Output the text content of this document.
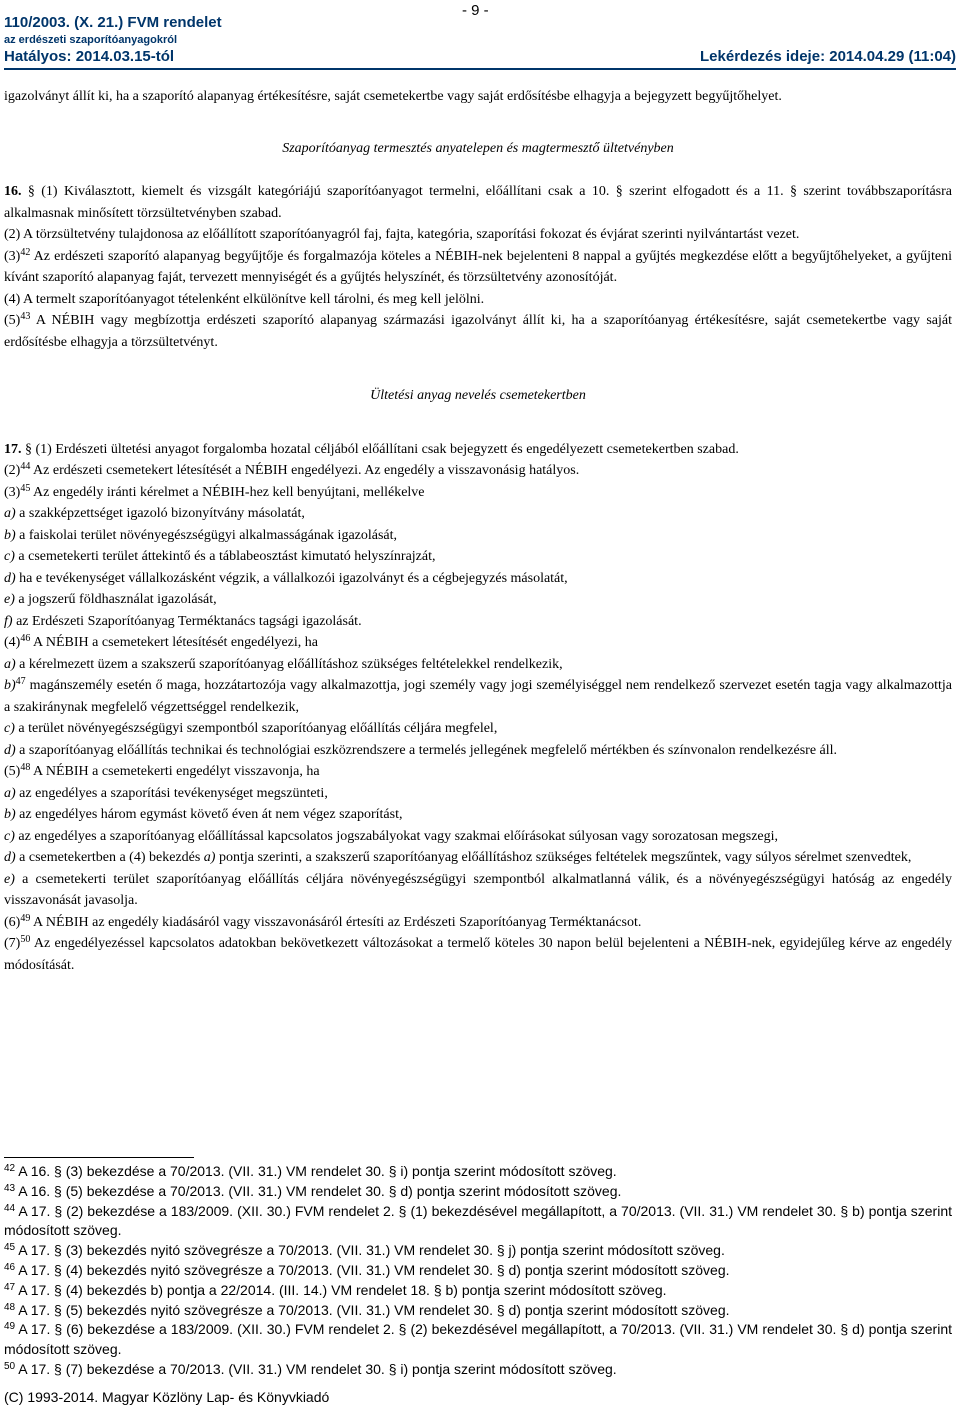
110/2003. (X. 21.) FVM rendelet
az erdészeti szaporítóanyagokról
Hatályos: 2014.03.15-tól
- 9 -
Lekérdezés ideje: 2014.04.29 (11:04)

igazolványt állít ki, ha a szaporító alapanyag értékesítésre, saját csemetekertbe vagy saját erdősítésbe elhagyja a bejegyzett begyűjtőhelyet.

Szaporítóanyag termesztés anyatelepen és magtermesztő ültetvényben

16. § (1) Kiválasztott, kiemelt és vizsgált kategóriájú szaporítóanyagot termelni, előállítani csak a 10. § szerint elfogadott és a 11. § szerint továbbszaporításra alkalmasnak minősített törzsültetvényben szabad.

(2) A törzsültetvény tulajdonosa az előállított szaporítóanyagról faj, fajta, kategória, szaporítási fokozat és évjárat szerinti nyilvántartást vezet.

$(3)^{42}$ Az erdészeti szaporító alapanyag begyűjtője és forgalmazója köteles a NÉBIH-nek bejelenteni 8 nappal a gyűjtés megkezdése előtt a begyűjtőhelyeket, a gyűjteni kívánt szaporító alapanyag faját, tervezett mennyiségét és a gyűjtés helyszínét, és törzsültetvény azonosítóját.

(4) A termelt szaporítóanyagot tételenként elkülönítve kell tárolni, és meg kell jelölni.

$(5)^{43}$ A NÉBIH vagy megbízottja erdészeti szaporító alapanyag származási igazolványt állít ki, ha a szaporítóanyag értékesítésre, saját csemetekertbe vagy saját erdősítésbe elhagyja a törzsültetvényt.

Ültetési anyag nevelés csemetekertben

17. § (1) Erdészeti ültetési anyagot forgalomba hozatal céljából előállítani csak bejegyzett és engedélyezett csemetekertben szabad.

$(2)^{44}$ Az erdészeti csemetekert létesítését a NÉBIH engedélyezi. Az engedély a visszavonásig hatályos.

$(3)^{45}$ Az engedély iránti kérelmet a NÉBIH-hez kell benyújtani, mellékelve

a) a szakképzettséget igazoló bizonyítvány másolatát,

b) a faiskolai terület növényegészségügyi alkalmasságának igazolását,

c) a csemetekerti terület áttekintő és a táblabeosztást kimutató helyszínrajzát,

d) ha e tevékenységet vállalkozásként végzik, a vállalkozói igazolványt és a cégbejegyzés másolatát,

e) a jogszerű földhasználat igazolását,

f) az Erdészeti Szaporítóanyag Terméktanács tagsági igazolását.

$(4)^{46}$ A NÉBIH a csemetekert létesítését engedélyezi, ha

a) a kérelmezett üzem a szakszerű szaporítóanyag előállításhoz szükséges feltételekkel rendelkezik,

b)$^{47}$ magánszemély esetén ő maga, hozzátartozója vagy alkalmazottja, jogi személy vagy jogi személyiséggel nem rendelkező szervezet esetén tagja vagy alkalmazottja a szakiránynak megfelelő végzettséggel rendelkezik,

c) a terület növényegészségügyi szempontból szaporítóanyag előállítás céljára megfelel,

d) a szaporítóanyag előállítás technikai és technológiai eszközrendszere a termelés jellegének megfelelő mértékben és színvonalon rendelkezésre áll.

$(5)^{48}$ A NÉBIH a csemetekerti engedélyt visszavonja, ha

a) az engedélyes a szaporítási tevékenységet megszünteti,

b) az engedélyes három egymást követő éven át nem végez szaporítást,

c) az engedélyes a szaporítóanyag előállítással kapcsolatos jogszabályokat vagy szakmai előírásokat súlyosan vagy sorozatosan megszegi,

d) a csemetekertben a (4) bekezdés a) pontja szerinti, a szakszerű szaporítóanyag előállításhoz szükséges feltételek megszűntek, vagy súlyos sérelmet szenvedtek,

e) a csemetekerti terület szaporítóanyag előállítás céljára növényegészségügyi szempontból alkalmatlanná válik, és a növényegészségügyi hatóság az engedély visszavonását javasolja.

$(6)^{49}$ A NÉBIH az engedély kiadásáról vagy visszavonásáról értesíti az Erdészeti Szaporítóanyag Terméktanácsot.

$(7)^{50}$ Az engedélyezéssel kapcsolatos adatokban bekövetkezett változásokat a termelő köteles 30 napon belül bejelenteni a NÉBIH-nek, egyidejűleg kérve az engedély módosítását.

$^{42}$ A 16. § (3) bekezdése a 70/2013. (VII. 31.) VM rendelet 30. § i) pontja szerint módosított szöveg.

$^{43}$ A 16. § (5) bekezdése a 70/2013. (VII. 31.) VM rendelet 30. § d) pontja szerint módosított szöveg.

$^{44}$ A 17. § (2) bekezdése a 183/2009. (XII. 30.) FVM rendelet 2. § (1) bekezdésével megállapított, a 70/2013. (VII. 31.) VM rendelet 30. § b) pontja szerint módosított szöveg.

$^{45}$ A 17. § (3) bekezdés nyitó szövegrésze a 70/2013. (VII. 31.) VM rendelet 30. § j) pontja szerint módosított szöveg.

$^{46}$ A 17. § (4) bekezdés nyitó szövegrésze a 70/2013. (VII. 31.) VM rendelet 30. § d) pontja szerint módosított szöveg.

$^{47}$ A 17. § (4) bekezdés b) pontja a 22/2014. (III. 14.) VM rendelet 18. § b) pontja szerint módosított szöveg.

$^{48}$ A 17. § (5) bekezdés nyitó szövegrésze a 70/2013. (VII. 31.) VM rendelet 30. § d) pontja szerint módosított szöveg.

$^{49}$ A 17. § (6) bekezdése a 183/2009. (XII. 30.) FVM rendelet 2. § (2) bekezdésével megállapított, a 70/2013. (VII. 31.) VM rendelet 30. § d) pontja szerint módosított szöveg.

$^{50}$ A 17. § (7) bekezdése a 70/2013. (VII. 31.) VM rendelet 30. § i) pontja szerint módosított szöveg.

(C) 1993-2014. Magyar Közlöny Lap- és Könyvkiadó
